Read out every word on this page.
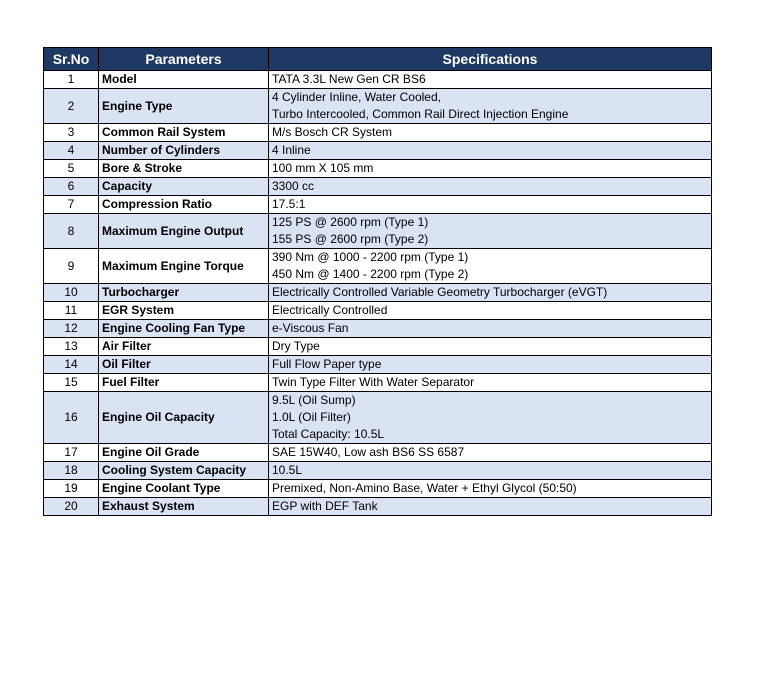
Sr.No	Parameters	Specifications
1	Model	TATA 3.3L New Gen CR BS6

2	Engine Type	4 Cylinder Inline, Water Cooled,
Turbo Intercooled, Common Rail Direct Injection Engine

3	Common Rail System	M/s Bosch CR System

4	Number of Cylinders	4 Inline

5	Bore & Stroke	100 mm X 105 mm

6	Capacity	3300 cc

7	Compression Ratio	17.5:1

8	Maximum Engine Output	125 PS @ 2600 rpm (Type 1)
155 PS @ 2600 rpm (Type 2)

9	Maximum Engine Torque	390 Nm @ 1000 - 2200 rpm (Type 1)
450 Nm @ 1400 - 2200 rpm (Type 2)

10	Turbocharger	Electrically Controlled Variable Geometry Turbocharger (eVGT)

11	EGR System	Electrically Controlled

12	Engine Cooling Fan Type	e-Viscous Fan

13	Air Filter	Dry Type

14	Oil Filter	Full Flow Paper type

15	Fuel Filter	Twin Type Filter With Water Separator

16	Engine Oil Capacity	9.5L (Oil Sump)
1.0L (Oil Filter)
Total Capacity: 10.5L

17	Engine Oil Grade	SAE 15W40, Low ash BS6 SS 6587

18	Cooling System Capacity	10.5L

19	Engine Coolant Type	Premixed, Non-Amino Base, Water + Ethyl Glycol (50:50)

20	Exhaust System	EGP with DEF Tank
